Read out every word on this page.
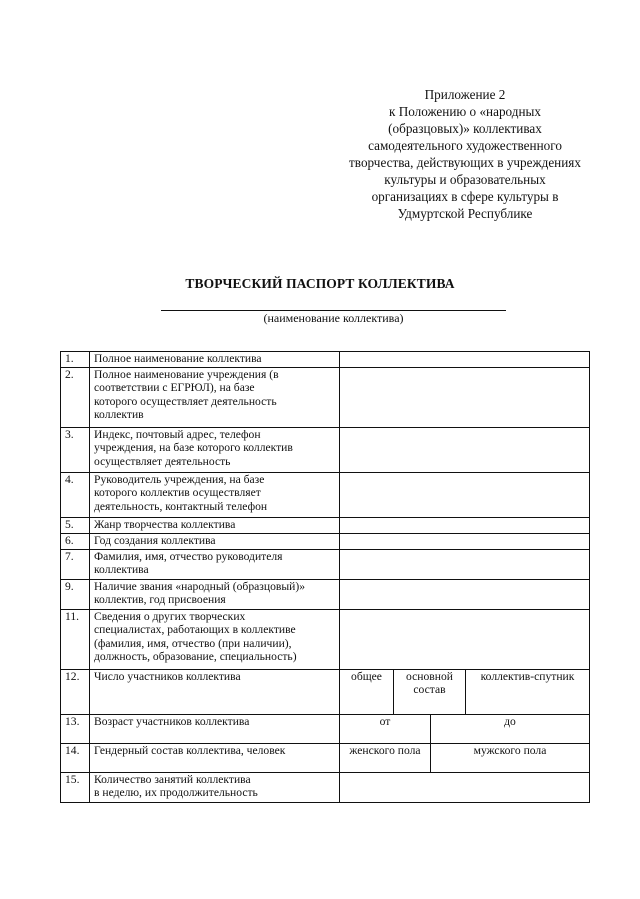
Приложение 2
к Положению о «народных
(образцовых)» коллективах
самодеятельного художественного
творчества, действующих в учреждениях
культуры и образовательных
организациях в сфере культуры в
Удмуртской Республике
ТВОРЧЕСКИЙ ПАСПОРТ КОЛЛЕКТИВА
(наименование коллектива)
1.	Полное наименование коллектива				

2.	Полное наименование учреждения (в
соответствии с ЕГРЮЛ), на базе
которого осуществляет деятельность
коллектив				

3.	Индекс, почтовый адрес, телефон
учреждения, на базе которого коллектив
осуществляет деятельность				

4.	Руководитель учреждения, на базе
которого коллектив осуществляет
деятельность, контактный телефон				

5.	Жанр творчества коллектива				

6.	Год создания коллектива				

7.	Фамилия, имя, отчество руководителя
коллектива				

9.	Наличие звания «народный (образцовый)»
коллектив, год присвоения				

11.	Сведения о других творческих
специалистах, работающих в коллективе
(фамилия, имя, отчество (при наличии),
должность, образование, специальность)				

12.	Число участников коллектива	общее	основной состав		коллектив-спутник
13.	Возраст участников коллектива	от		до	
14.	Гендерный состав коллектива, человек	женского пола		мужского пола	
15.	Количество занятий коллектива
в неделю, их продолжительность				
